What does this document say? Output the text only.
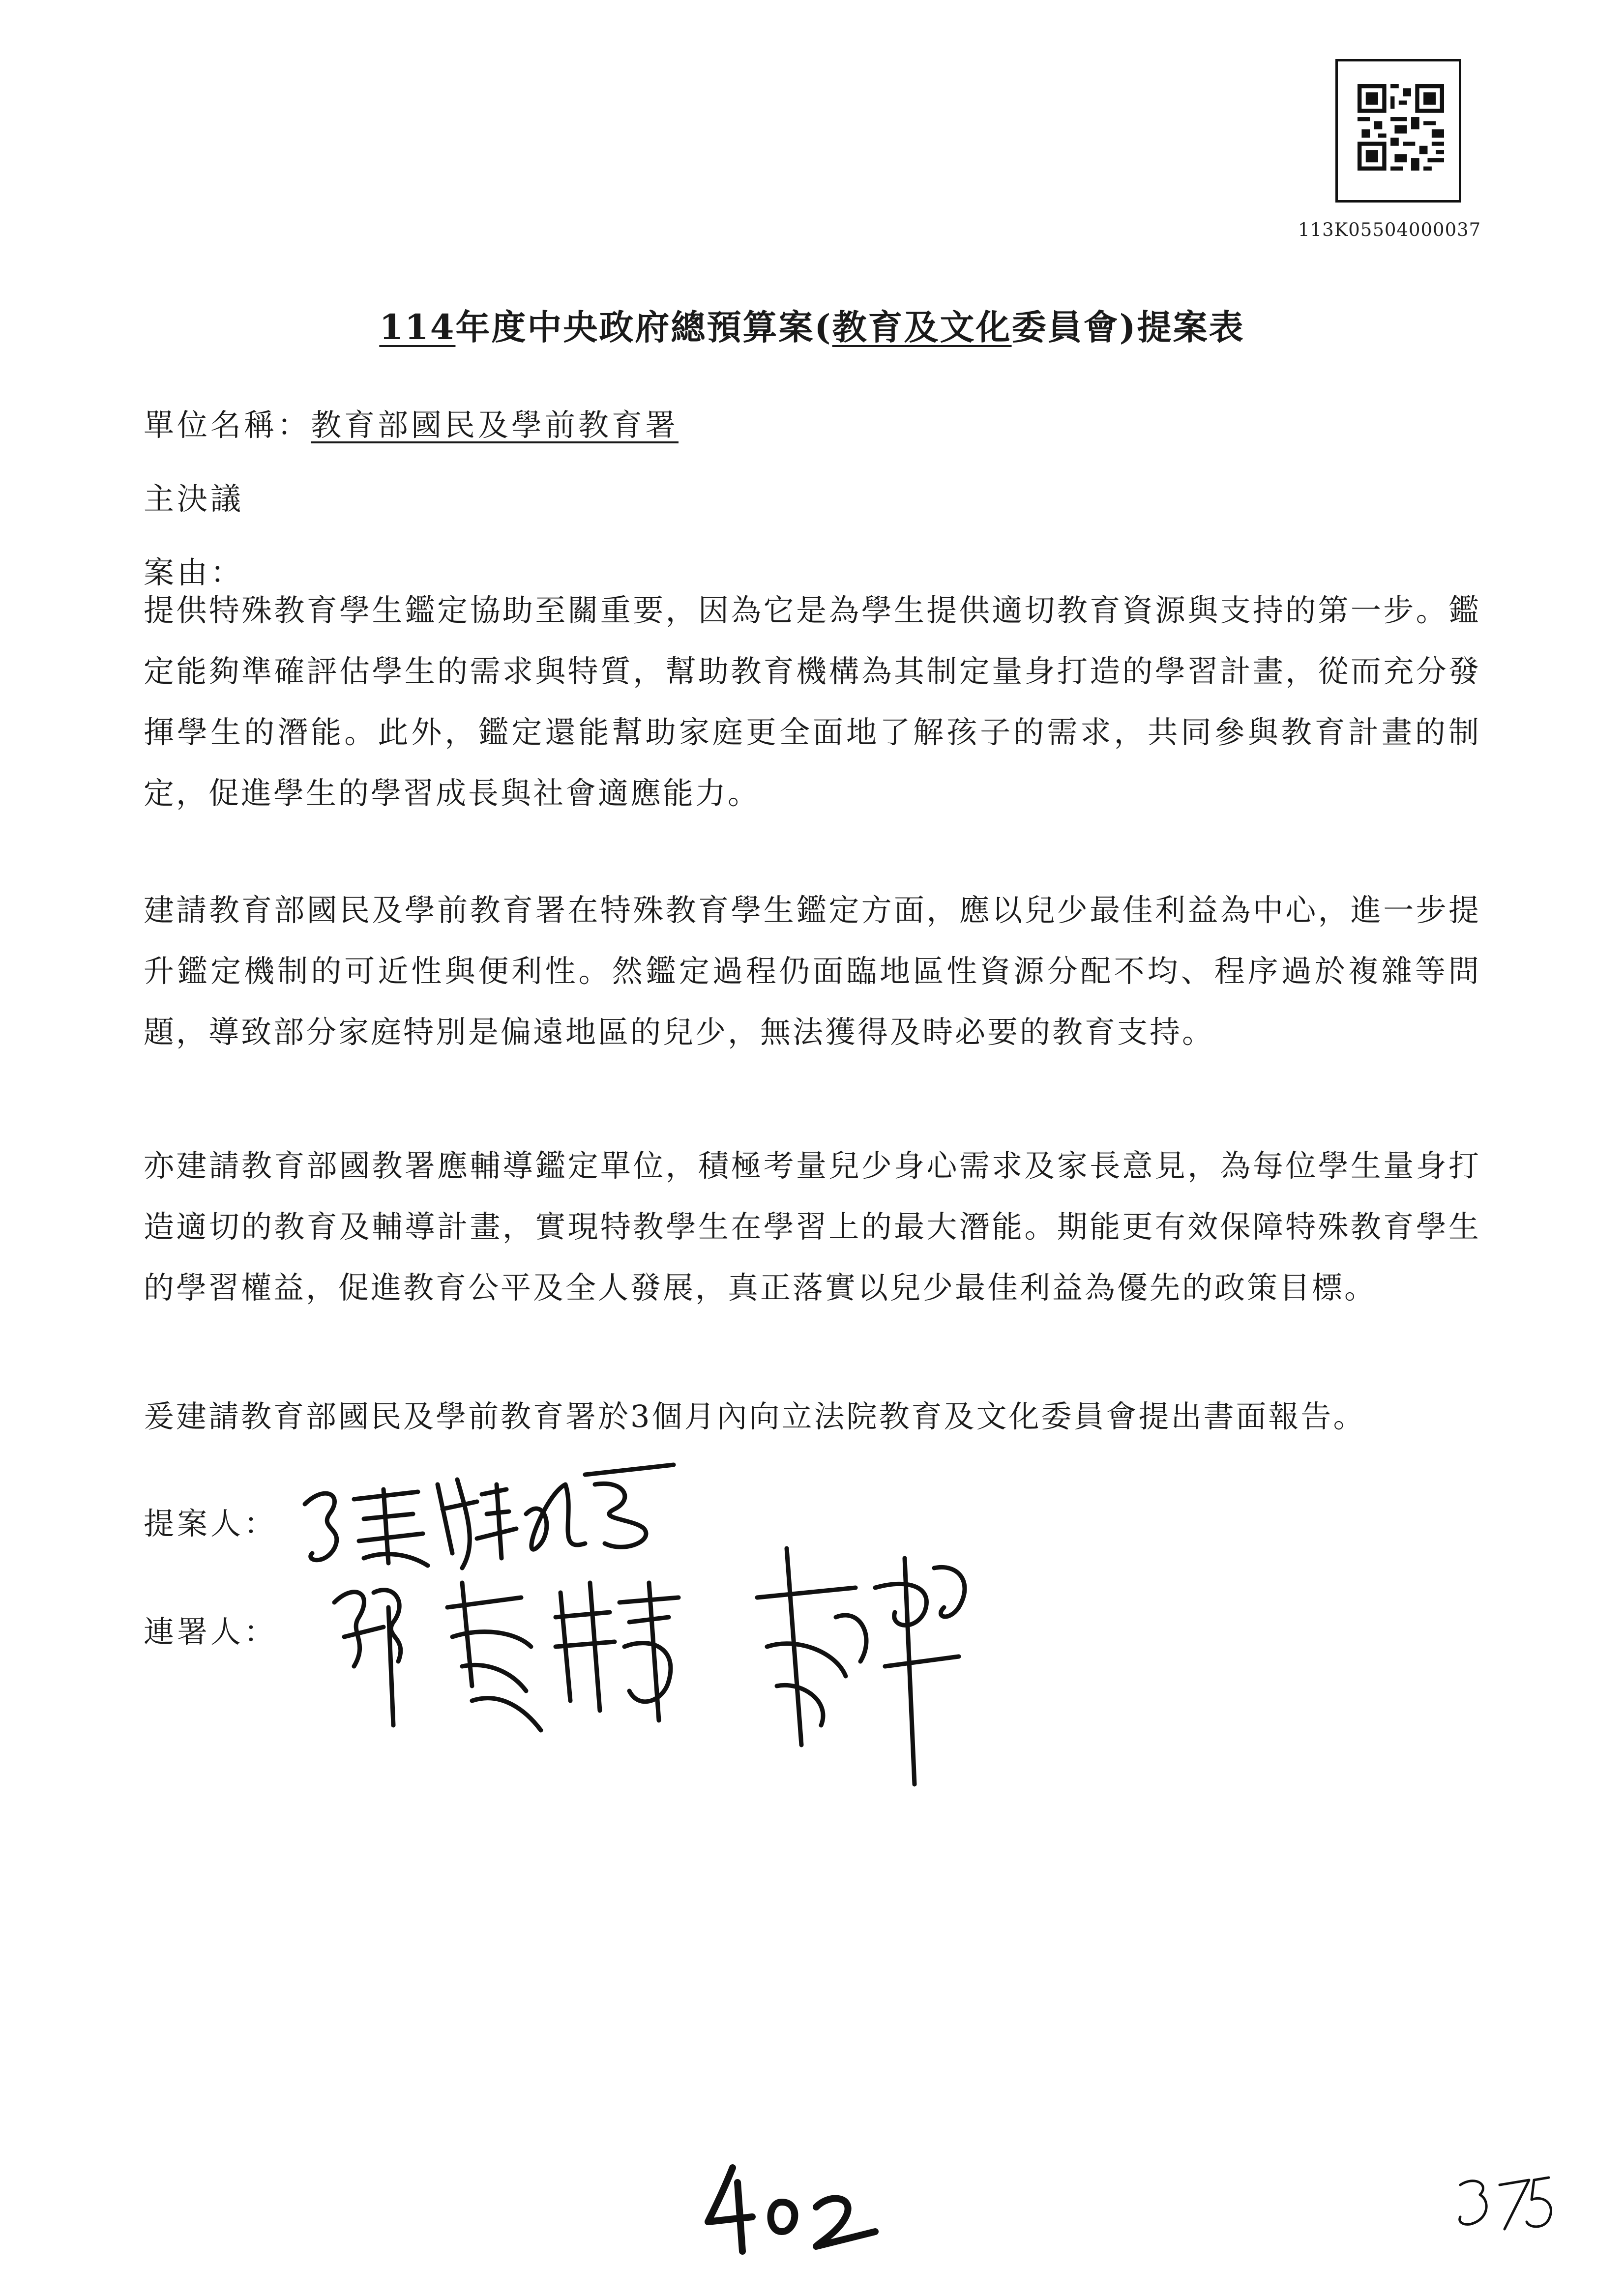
113K05504000037
114年度中央政府總預算案(教育及文化委員會)提案表
單位名稱：教育部國民及學前教育署
主決議
案由：
提供特殊教育學生鑑定協助至關重要，因為它是為學生提供適切教育資源與支持的第一步。鑑定能夠準確評估學生的需求與特質，幫助教育機構為其制定量身打造的學習計畫，從而充分發揮學生的潛能。此外，鑑定還能幫助家庭更全面地了解孩子的需求，共同參與教育計畫的制定，促進學生的學習成長與社會適應能力。
建請教育部國民及學前教育署在特殊教育學生鑑定方面，應以兒少最佳利益為中心，進一步提升鑑定機制的可近性與便利性。然鑑定過程仍面臨地區性資源分配不均、程序過於複雜等問題，導致部分家庭特別是偏遠地區的兒少，無法獲得及時必要的教育支持。
亦建請教育部國教署應輔導鑑定單位，積極考量兒少身心需求及家長意見，為每位學生量身打造適切的教育及輔導計畫，實現特教學生在學習上的最大潛能。期能更有效保障特殊教育學生的學習權益，促進教育公平及全人發展，真正落實以兒少最佳利益為優先的政策目標。
爰建請教育部國民及學前教育署於3個月內向立法院教育及文化委員會提出書面報告。
提案人：
連署人：
402	375
